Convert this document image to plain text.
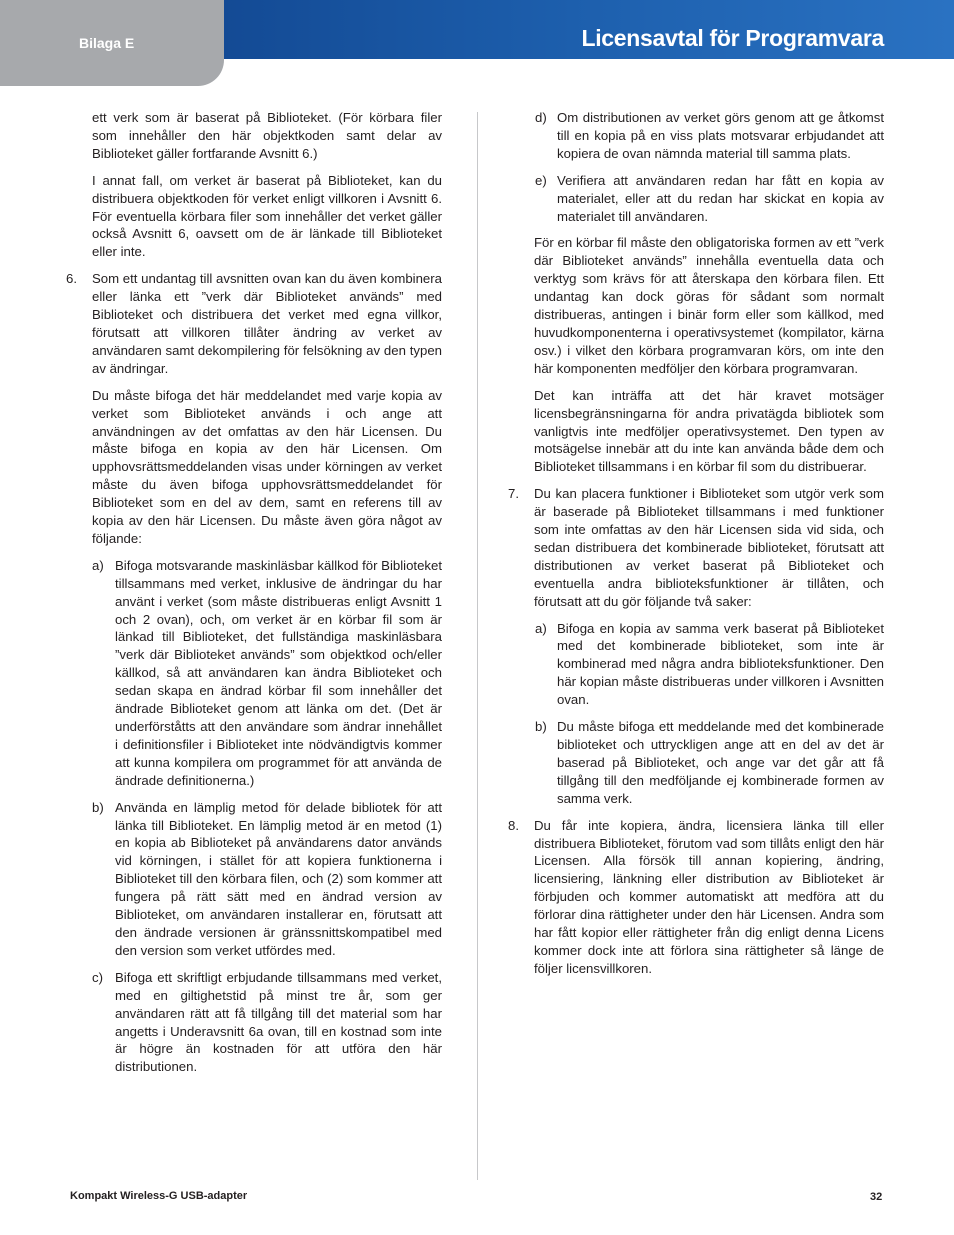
Bilaga E	Licensavtal för Programvara
ett verk som är baserat på Biblioteket. (För körbara filer som innehåller den här objektkoden samt delar av Biblioteket gäller fortfarande Avsnitt 6.)
I annat fall, om verket är baserat på Biblioteket, kan du distribuera objektkoden för verket enligt villkoren i Avsnitt 6. För eventuella körbara filer som innehåller det verket gäller också Avsnitt 6, oavsett om de är länkade till Biblioteket eller inte.
6. Som ett undantag till avsnitten ovan kan du även kombinera eller länka ett ”verk där Biblioteket används” med Biblioteket och distribuera det verket med egna villkor, förutsatt att villkoren tillåter ändring av verket av användaren samt dekompilering för felsökning av den typen av ändringar.
Du måste bifoga det här meddelandet med varje kopia av verket som Biblioteket används i och ange att användningen av det omfattas av den här Licensen. Du måste bifoga en kopia av den här Licensen. Om upphovsrättsmeddelanden visas under körningen av verket måste du även bifoga upphovsrättsmeddelandet för Biblioteket som en del av dem, samt en referens till av kopia av den här Licensen. Du måste även göra något av följande:
a) Bifoga motsvarande maskinläsbar källkod för Biblioteket tillsammans med verket, inklusive de ändringar du har använt i verket (som måste distribueras enligt Avsnitt 1 och 2 ovan), och, om verket är en körbar fil som är länkad till Biblioteket, det fullständiga maskinläsbara ”verk där Biblioteket används” som objektkod och/eller källkod, så att användaren kan ändra Biblioteket och sedan skapa en ändrad körbar fil som innehåller det ändrade Biblioteket genom att länka om det. (Det är underförståtts att den användare som ändrar innehållet i definitionsfiler i Biblioteket inte nödvändigtvis kommer att kunna kompilera om programmet för att använda de ändrade definitionerna.)
b) Använda en lämplig metod för delade bibliotek för att länka till Biblioteket. En lämplig metod är en metod (1) en kopia ab Biblioteket på användarens dator används vid körningen, i stället för att kopiera funktionerna i Biblioteket till den körbara filen, och (2) som kommer att fungera på rätt sätt med en ändrad version av Biblioteket, om användaren installerar en, förutsatt att den ändrade versionen är gränssnittskompatibel med den version som verket utfördes med.
c) Bifoga ett skriftligt erbjudande tillsammans med verket, med en giltighetstid på minst tre år, som ger användaren rätt att få tillgång till det material som har angetts i Underavsnitt 6a ovan, till en kostnad som inte är högre än kostnaden för att utföra den här distributionen.
d) Om distributionen av verket görs genom att ge åtkomst till en kopia på en viss plats motsvarar erbjudandet att kopiera de ovan nämnda material till samma plats.
e) Verifiera att användaren redan har fått en kopia av materialet, eller att du redan har skickat en kopia av materialet till användaren.
För en körbar fil måste den obligatoriska formen av ett ”verk där Biblioteket används” innehålla eventuella data och verktyg som krävs för att återskapa den körbara filen. Ett undantag kan dock göras för sådant som normalt distribueras, antingen i binär form eller som källkod, med huvudkomponenterna i operativsystemet (kompilator, kärna osv.) i vilket den körbara programvaran körs, om inte den här komponenten medföljer den körbara programvaran.
Det kan inträffa att det här kravet motsäger licensbegränsningarna för andra privatägda bibliotek som vanligtvis inte medföljer operativsystemet. Den typen av motsägelse innebär att du inte kan använda både dem och Biblioteket tillsammans i en körbar fil som du distribuerar.
7. Du kan placera funktioner i Biblioteket som utgör verk som är baserade på Biblioteket tillsammans i med funktioner som inte omfattas av den här Licensen sida vid sida, och sedan distribuera det kombinerade biblioteket, förutsatt att distributionen av verket baserat på Biblioteket och eventuella andra biblioteksfunktioner är tillåten, och förutsatt att du gör följande två saker:
a) Bifoga en kopia av samma verk baserat på Biblioteket med det kombinerade biblioteket, som inte är kombinerad med några andra biblioteksfunktioner. Den här kopian måste distribueras under villkoren i Avsnitten ovan.
b) Du måste bifoga ett meddelande med det kombinerade biblioteket och uttryckligen ange att en del av det är baserad på Biblioteket, och ange var det går att få tillgång till den medföljande ej kombinerade formen av samma verk.
8. Du får inte kopiera, ändra, licensiera länka till eller distribuera Biblioteket, förutom vad som tillåts enligt den här Licensen. Alla försök till annan kopiering, ändring, licensiering, länkning eller distribution av Biblioteket är förbjuden och kommer automatiskt att medföra att du förlorar dina rättigheter under den här Licensen. Andra som har fått kopior eller rättigheter från dig enligt denna Licens kommer dock inte att förlora sina rättigheter så länge de följer licensvillkoren.
Kompakt Wireless-G USB-adapter	32
